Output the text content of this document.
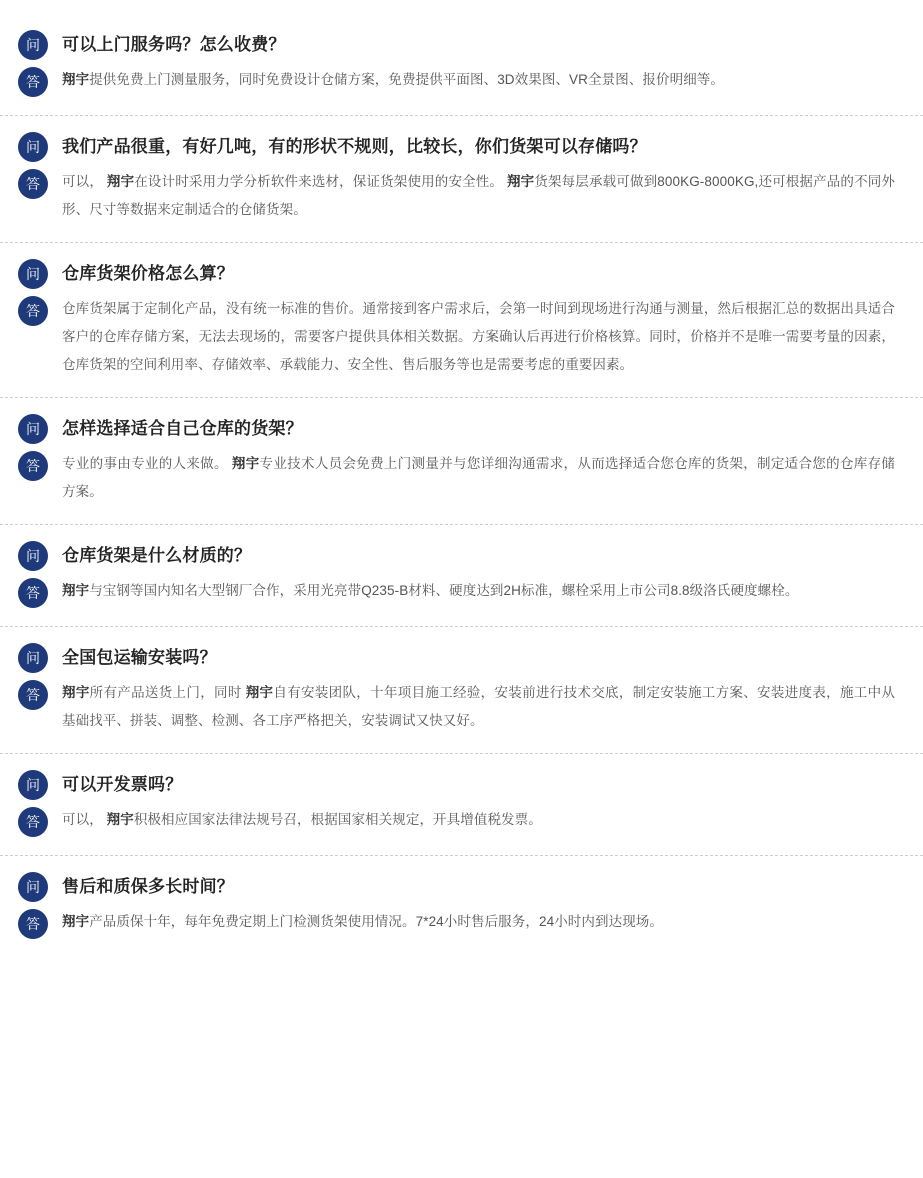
问	可以上门服务吗？怎么收费？
答	翔宇提供免费上门测量服务，同时免费设计仓储方案，免费提供平面图、3D效果图、VR全景图、报价明细等。
问	我们产品很重，有好几吨，有的形状不规则，比较长，你们货架可以存储吗？
答	可以， 翔宇在设计时采用力学分析软件来选材，保证货架使用的安全性。 翔宇货架每层承载可做到800KG-8000KG,还可根据产品的不同外形、尺寸等数据来定制适合的仓储货架。
问	仓库货架价格怎么算？
答	仓库货架属于定制化产品，没有统一标准的售价。通常接到客户需求后，会第一时间到现场进行沟通与测量，然后根据汇总的数据出具适合客户的仓库存储方案，无法去现场的，需要客户提供具体相关数据。方案确认后再进行价格核算。同时，价格并不是唯一需要考量的因素，仓库货架的空间利用率、存储效率、承载能力、安全性、售后服务等也是需要考虑的重要因素。
问	怎样选择适合自己仓库的货架？
答	专业的事由专业的人来做。 翔宇专业技术人员会免费上门测量并与您详细沟通需求，从而选择适合您仓库的货架，制定适合您的仓库存储方案。
问	仓库货架是什么材质的？
答	翔宇与宝钢等国内知名大型钢厂合作，采用光亮带Q235-B材料、硬度达到2H标准，螺栓采用上市公司8.8级洛氏硬度螺栓。
问	全国包运输安装吗？
答	翔宇所有产品送货上门，同时 翔宇自有安装团队，十年项目施工经验，安装前进行技术交底，制定安装施工方案、安装进度表，施工中从基础找平、拼装、调整、检测、各工序严格把关，安装调试又快又好。
问	可以开发票吗？
答	可以， 翔宇积极相应国家法律法规号召，根据国家相关规定，开具增值税发票。
问	售后和质保多长时间？
答	翔宇产品质保十年，每年免费定期上门检测货架使用情况。7*24小时售后服务，24小时内到达现场。
